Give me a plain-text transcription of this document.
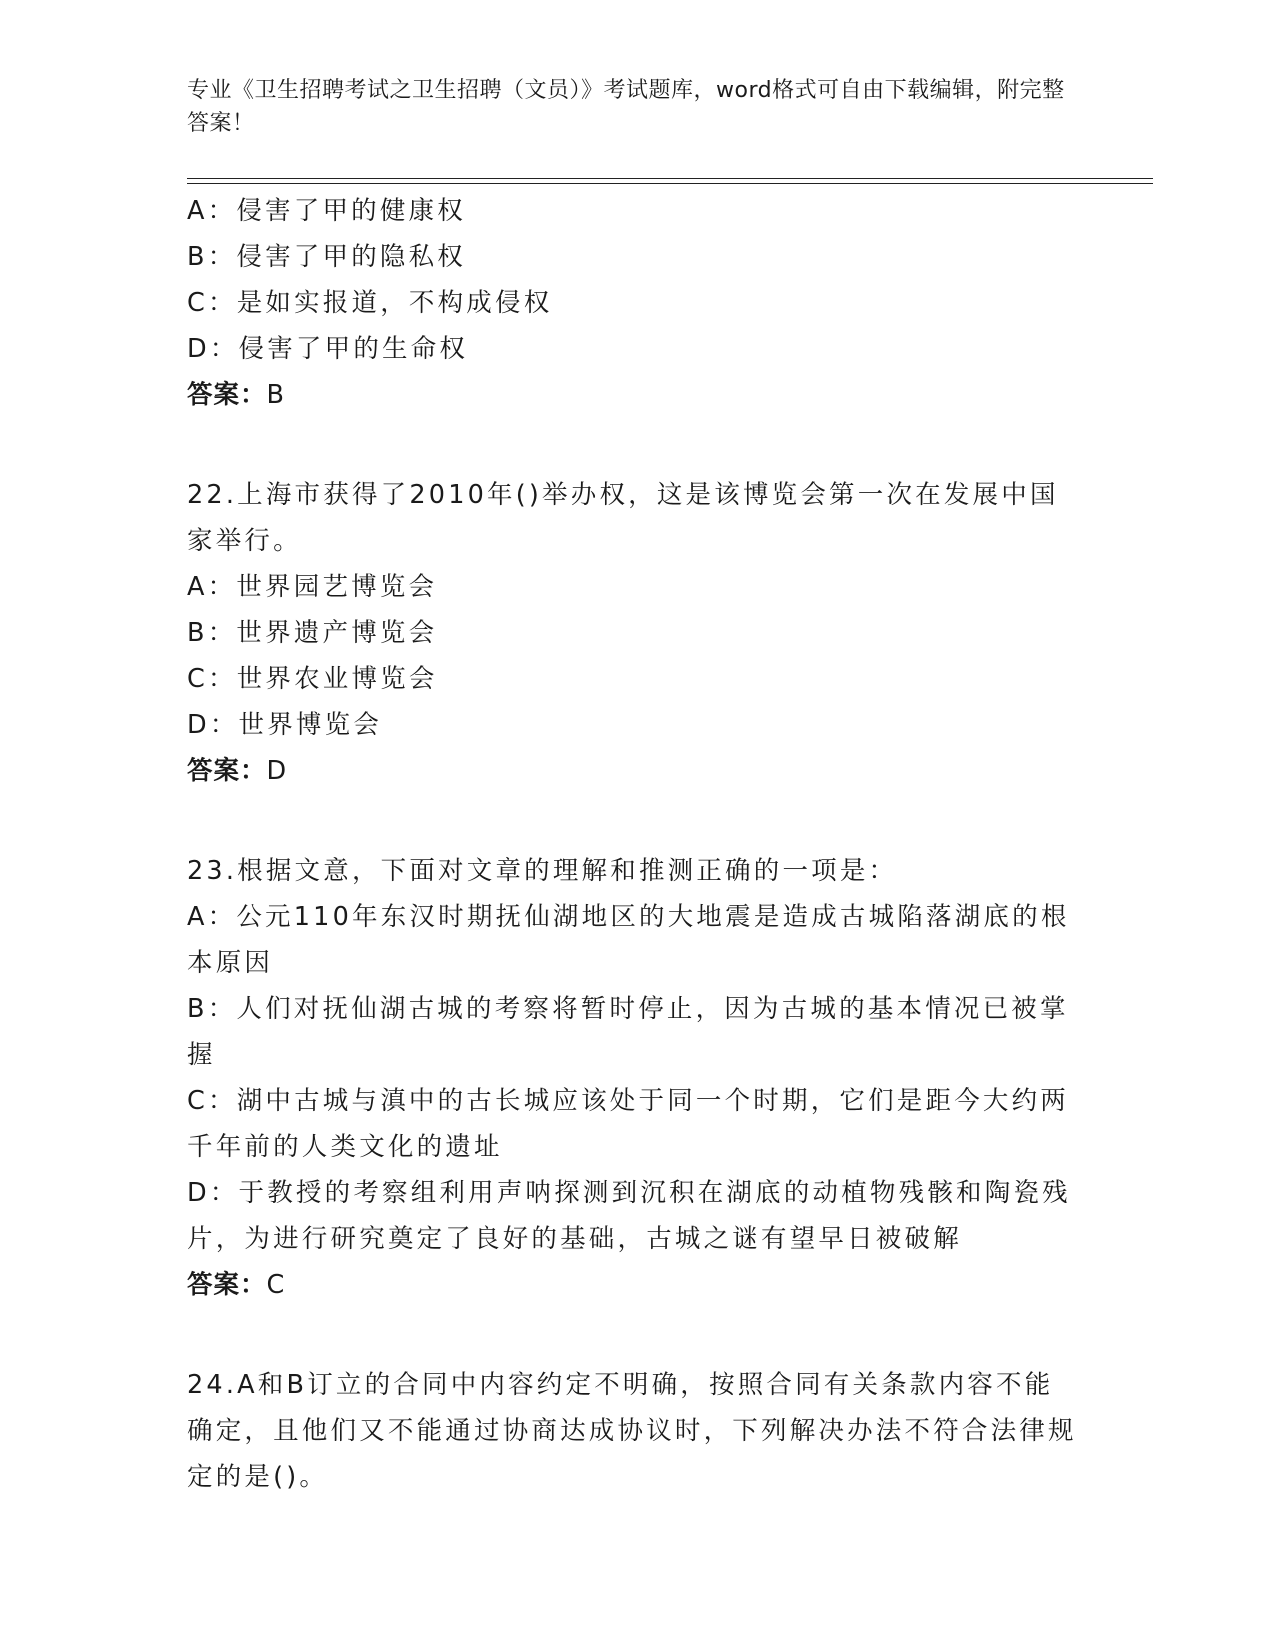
专业《卫生招聘考试之卫生招聘（文员）》考试题库，word格式可自由下载编辑，附完整答案！

A：侵害了甲的健康权

B：侵害了甲的隐私权

C：是如实报道，不构成侵权

D：侵害了甲的生命权

答案：B

22.上海市获得了2010年()举办权，这是该博览会第一次在发展中国家举行。

A：世界园艺博览会

B：世界遗产博览会

C：世界农业博览会

D：世界博览会

答案：D

23.根据文意，下面对文章的理解和推测正确的一项是：

A：公元110年东汉时期抚仙湖地区的大地震是造成古城陷落湖底的根本原因

B：人们对抚仙湖古城的考察将暂时停止，因为古城的基本情况已被掌握

C：湖中古城与滇中的古长城应该处于同一个时期，它们是距今大约两千年前的人类文化的遗址

D：于教授的考察组利用声呐探测到沉积在湖底的动植物残骸和陶瓷残片，为进行研究奠定了良好的基础，古城之谜有望早日被破解

答案：C

24.A和B订立的合同中内容约定不明确，按照合同有关条款内容不能确定，且他们又不能通过协商达成协议时，下列解决办法不符合法律规定的是()。
